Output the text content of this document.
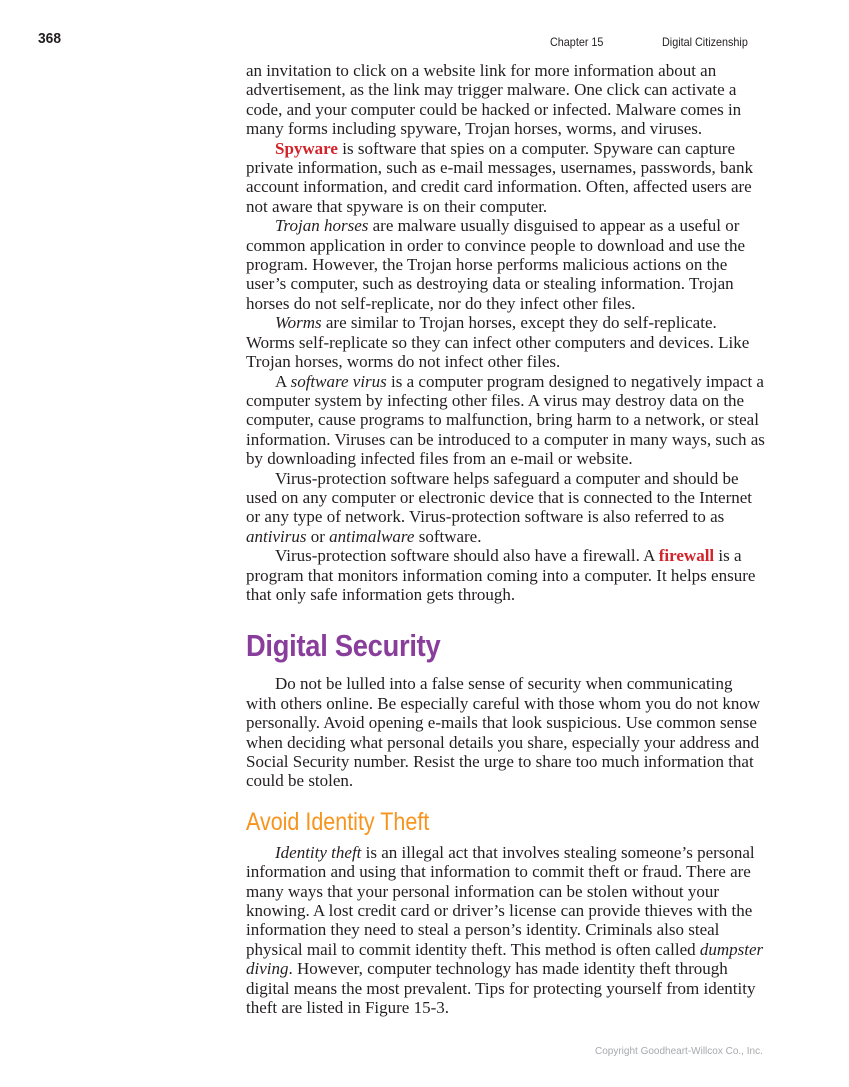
368	Chapter 15	Digital Citizenship

an invitation to click on a website link for more information about an advertisement, as the link may trigger malware. One click can activate a code, and your computer could be hacked or infected. Malware comes in many forms including spyware, Trojan horses, worms, and viruses.

Spyware is software that spies on a computer. Spyware can capture private information, such as e-mail messages, usernames, passwords, bank account information, and credit card information. Often, affected users are not aware that spyware is on their computer.

Trojan horses are malware usually disguised to appear as a useful or common application in order to convince people to download and use the program. However, the Trojan horse performs malicious actions on the user’s computer, such as destroying data or stealing information. Trojan horses do not self-replicate, nor do they infect other files.

Worms are similar to Trojan horses, except they do self-replicate. Worms self-replicate so they can infect other computers and devices. Like Trojan horses, worms do not infect other files.

A software virus is a computer program designed to negatively impact a computer system by infecting other files. A virus may destroy data on the computer, cause programs to malfunction, bring harm to a network, or steal information. Viruses can be introduced to a computer in many ways, such as by downloading infected files from an e-mail or website.

Virus-protection software helps safeguard a computer and should be used on any computer or electronic device that is connected to the Internet or any type of network. Virus-protection software is also referred to as antivirus or antimalware software.

Virus-protection software should also have a firewall. A firewall is a program that monitors information coming into a computer. It helps ensure that only safe information gets through.

Digital Security

Do not be lulled into a false sense of security when communicating with others online. Be especially careful with those whom you do not know personally. Avoid opening e-mails that look suspicious. Use common sense when deciding what personal details you share, especially your address and Social Security number. Resist the urge to share too much information that could be stolen.

Avoid Identity Theft

Identity theft is an illegal act that involves stealing someone’s personal information and using that information to commit theft or fraud. There are many ways that your personal information can be stolen without your knowing. A lost credit card or driver’s license can provide thieves with the information they need to steal a person’s identity. Criminals also steal physical mail to commit identity theft. This method is often called dumpster diving. However, computer technology has made identity theft through digital means the most prevalent. Tips for protecting yourself from identity theft are listed in Figure 15-3.

Copyright Goodheart-Willcox Co., Inc.
